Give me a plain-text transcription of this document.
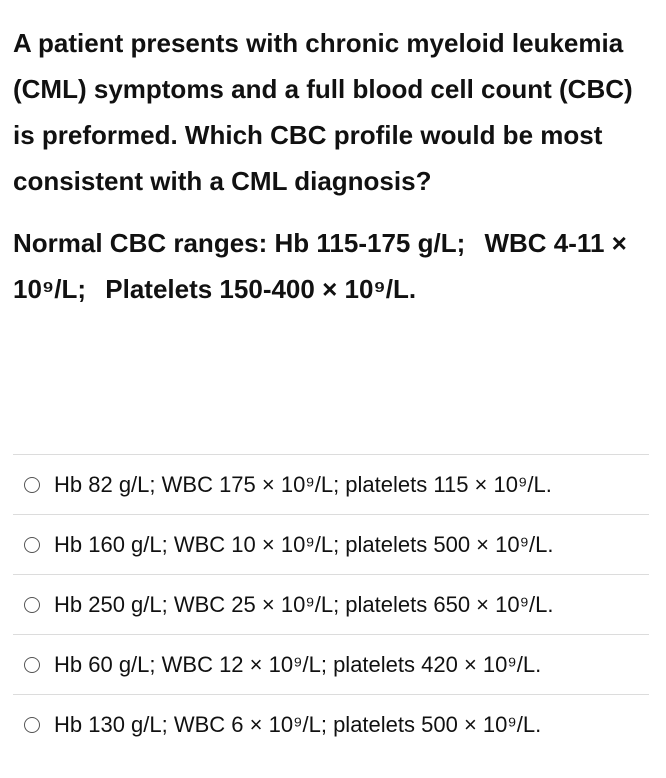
A patient presents with chronic myeloid leukemia (CML) symptoms and a full blood cell count (CBC) is preformed. Which CBC profile would be most consistent with a CML diagnosis?

Normal CBC ranges: Hb 115-175 g/L; WBC 4-11 × 10⁹/L; Platelets 150-400 × 10⁹/L.

Hb 82 g/L; WBC 175 × 10⁹/L; platelets 115 × 10⁹/L.
Hb 160 g/L; WBC 10 × 10⁹/L; platelets 500 × 10⁹/L.
Hb 250 g/L; WBC 25 × 10⁹/L; platelets 650 × 10⁹/L.
Hb 60 g/L; WBC 12 × 10⁹/L; platelets 420 × 10⁹/L.
Hb 130 g/L; WBC 6 × 10⁹/L; platelets 500 × 10⁹/L.
